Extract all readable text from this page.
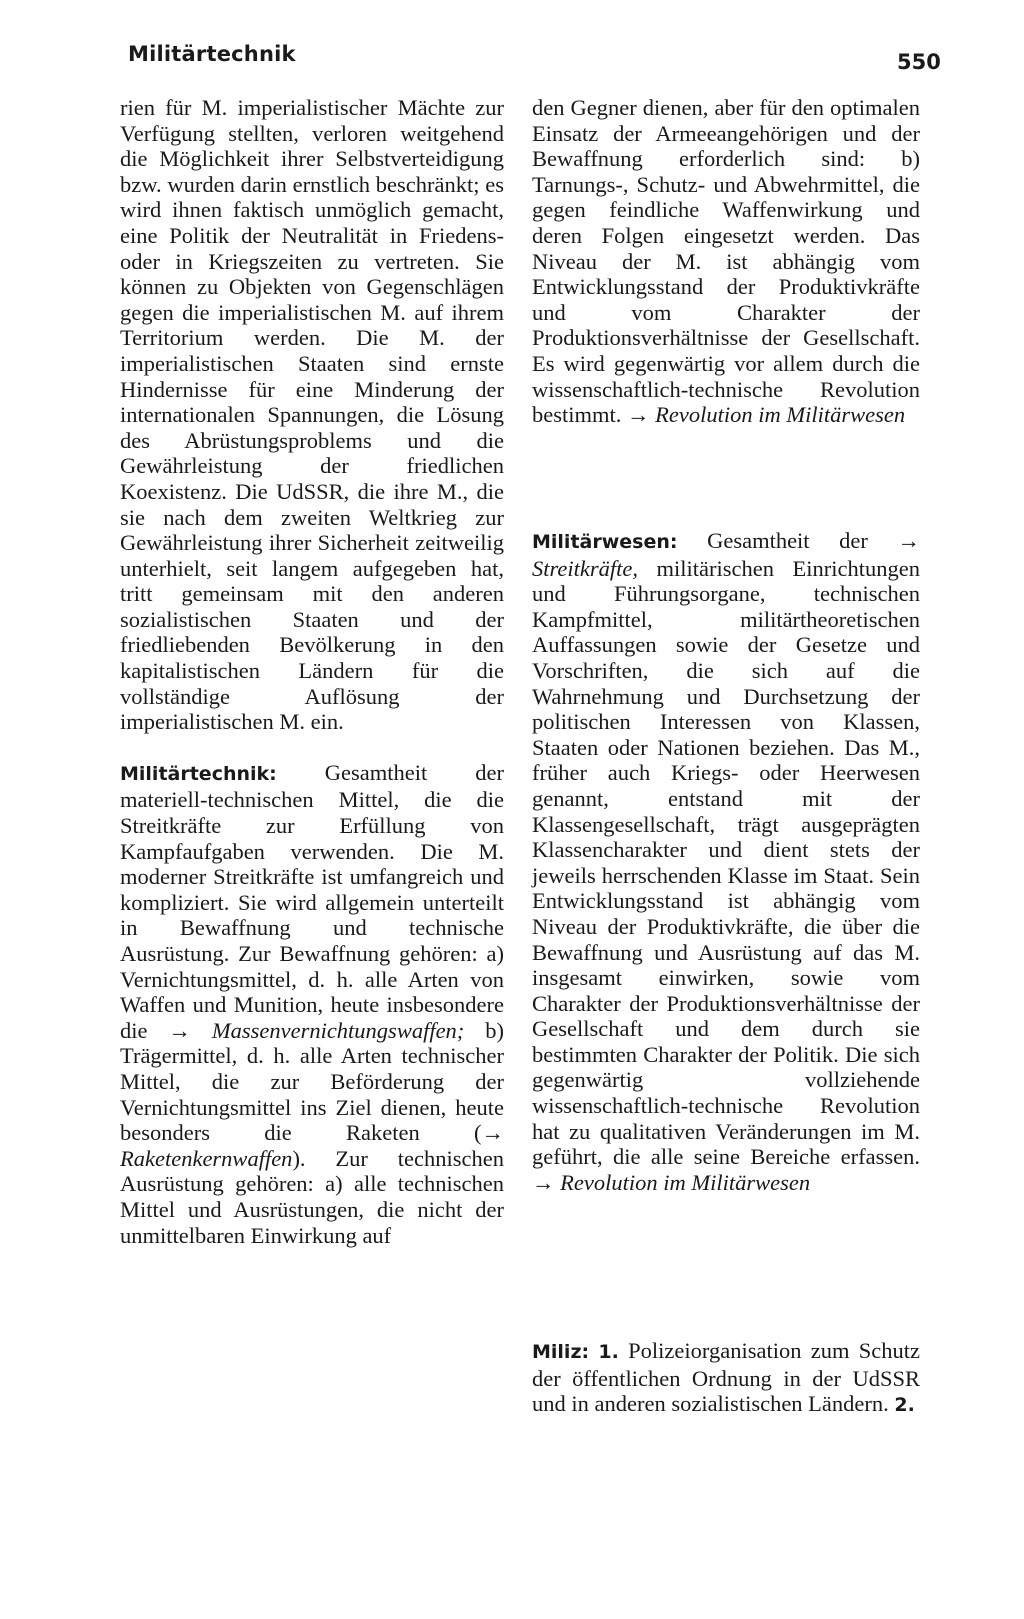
Militärtechnik	550

rien für M. imperialistischer Mächte zur Verfügung stellten, verloren weitgehend die Möglichkeit ihrer Selbstverteidigung bzw. wurden darin ernstlich beschränkt; es wird ihnen faktisch unmöglich gemacht, eine Politik der Neutralität in Friedens- oder in Kriegszeiten zu vertreten. Sie können zu Objekten von Gegenschlägen gegen die imperialistischen M. auf ihrem Territorium werden. Die M. der imperialistischen Staaten sind ernste Hindernisse für eine Minderung der internationalen Spannungen, die Lösung des Abrüstungsproblems und die Gewährleistung der friedlichen Koexistenz. Die UdSSR, die ihre M., die sie nach dem zweiten Weltkrieg zur Gewährleistung ihrer Sicherheit zeitweilig unterhielt, seit langem aufgegeben hat, tritt gemeinsam mit den anderen sozialistischen Staaten und der friedliebenden Bevölkerung in den kapitalistischen Ländern für die vollständige Auflösung der imperialistischen M. ein.

Militärtechnik: Gesamtheit der materiell-technischen Mittel, die die Streitkräfte zur Erfüllung von Kampfaufgaben verwenden. Die M. moderner Streitkräfte ist umfangreich und kompliziert. Sie wird allgemein unterteilt in Bewaffnung und technische Ausrüstung. Zur Bewaffnung gehören: a) Vernichtungsmittel, d. h. alle Arten von Waffen und Munition, heute insbesondere die → Massenvernichtungswaffen; b) Trägermittel, d. h. alle Arten technischer Mittel, die zur Beförderung der Vernichtungsmittel ins Ziel dienen, heute besonders die Raketen (→ Raketenkernwaffen). Zur technischen Ausrüstung gehören: a) alle technischen Mittel und Ausrüstungen, die nicht der unmittelbaren Einwirkung auf

den Gegner dienen, aber für den optimalen Einsatz der Armeeangehörigen und der Bewaffnung erforderlich sind: b) Tarnungs-, Schutz- und Abwehrmittel, die gegen feindliche Waffenwirkung und deren Folgen eingesetzt werden. Das Niveau der M. ist abhängig vom Entwicklungsstand der Produktivkräfte und vom Charakter der Produktionsverhältnisse der Gesellschaft. Es wird gegenwärtig vor allem durch die wissenschaftlich-technische Revolution bestimmt. → Revolution im Militärwesen

Militärwesen: Gesamtheit der → Streitkräfte, militärischen Einrichtungen und Führungsorgane, technischen Kampfmittel, militärtheoretischen Auffassungen sowie der Gesetze und Vorschriften, die sich auf die Wahrnehmung und Durchsetzung der politischen Interessen von Klassen, Staaten oder Nationen beziehen. Das M., früher auch Kriegs- oder Heerwesen genannt, entstand mit der Klassengesellschaft, trägt ausgeprägten Klassencharakter und dient stets der jeweils herrschenden Klasse im Staat. Sein Entwicklungsstand ist abhängig vom Niveau der Produktivkräfte, die über die Bewaffnung und Ausrüstung auf das M. insgesamt einwirken, sowie vom Charakter der Produktionsverhältnisse der Gesellschaft und dem durch sie bestimmten Charakter der Politik. Die sich gegenwärtig vollziehende wissenschaftlich-technische Revolution hat zu qualitativen Veränderungen im M. geführt, die alle seine Bereiche erfassen. → Revolution im Militärwesen

Miliz: 1. Polizeiorganisation zum Schutz der öffentlichen Ordnung in der UdSSR und in anderen sozialistischen Ländern. 2.
